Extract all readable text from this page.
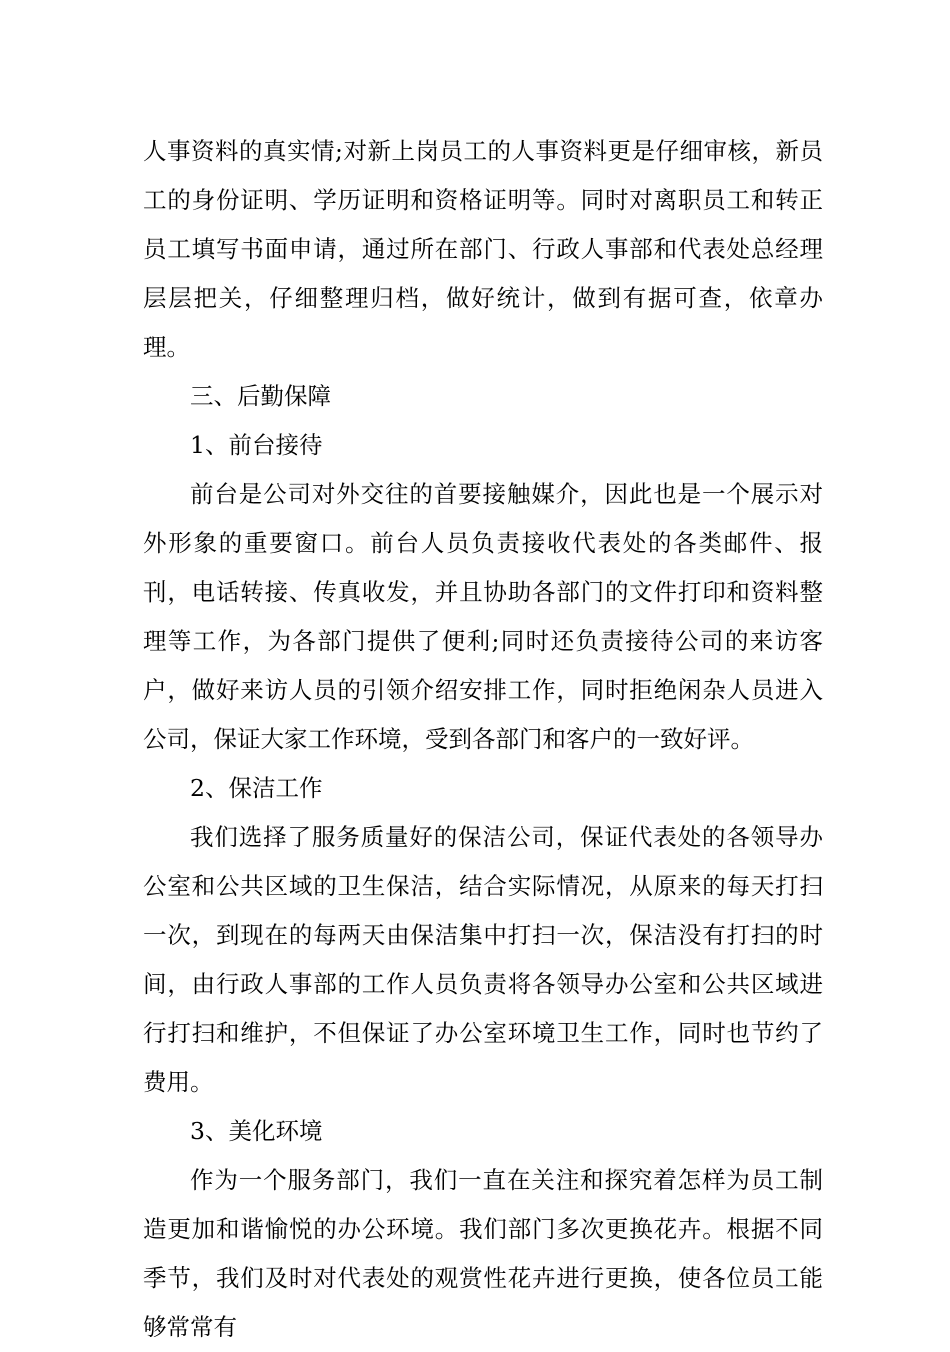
人事资料的真实情;对新上岗员工的人事资料更是仔细审核，新员工的身份证明、学历证明和资格证明等。同时对离职员工和转正员工填写书面申请，通过所在部门、行政人事部和代表处总经理层层把关，仔细整理归档，做好统计，做到有据可查，依章办理。

三、后勤保障

1、前台接待

前台是公司对外交往的首要接触媒介，因此也是一个展示对外形象的重要窗口。前台人员负责接收代表处的各类邮件、报刊，电话转接、传真收发，并且协助各部门的文件打印和资料整理等工作，为各部门提供了便利;同时还负责接待公司的来访客户，做好来访人员的引领介绍安排工作，同时拒绝闲杂人员进入公司，保证大家工作环境，受到各部门和客户的一致好评。

2、保洁工作

我们选择了服务质量好的保洁公司，保证代表处的各领导办公室和公共区域的卫生保洁，结合实际情况，从原来的每天打扫一次，到现在的每两天由保洁集中打扫一次，保洁没有打扫的时间，由行政人事部的工作人员负责将各领导办公室和公共区域进行打扫和维护，不但保证了办公室环境卫生工作，同时也节约了费用。

3、美化环境

作为一个服务部门，我们一直在关注和探究着怎样为员工制造更加和谐愉悦的办公环境。我们部门多次更换花卉。根据不同季节，我们及时对代表处的观赏性花卉进行更换，使各位员工能够常常有
